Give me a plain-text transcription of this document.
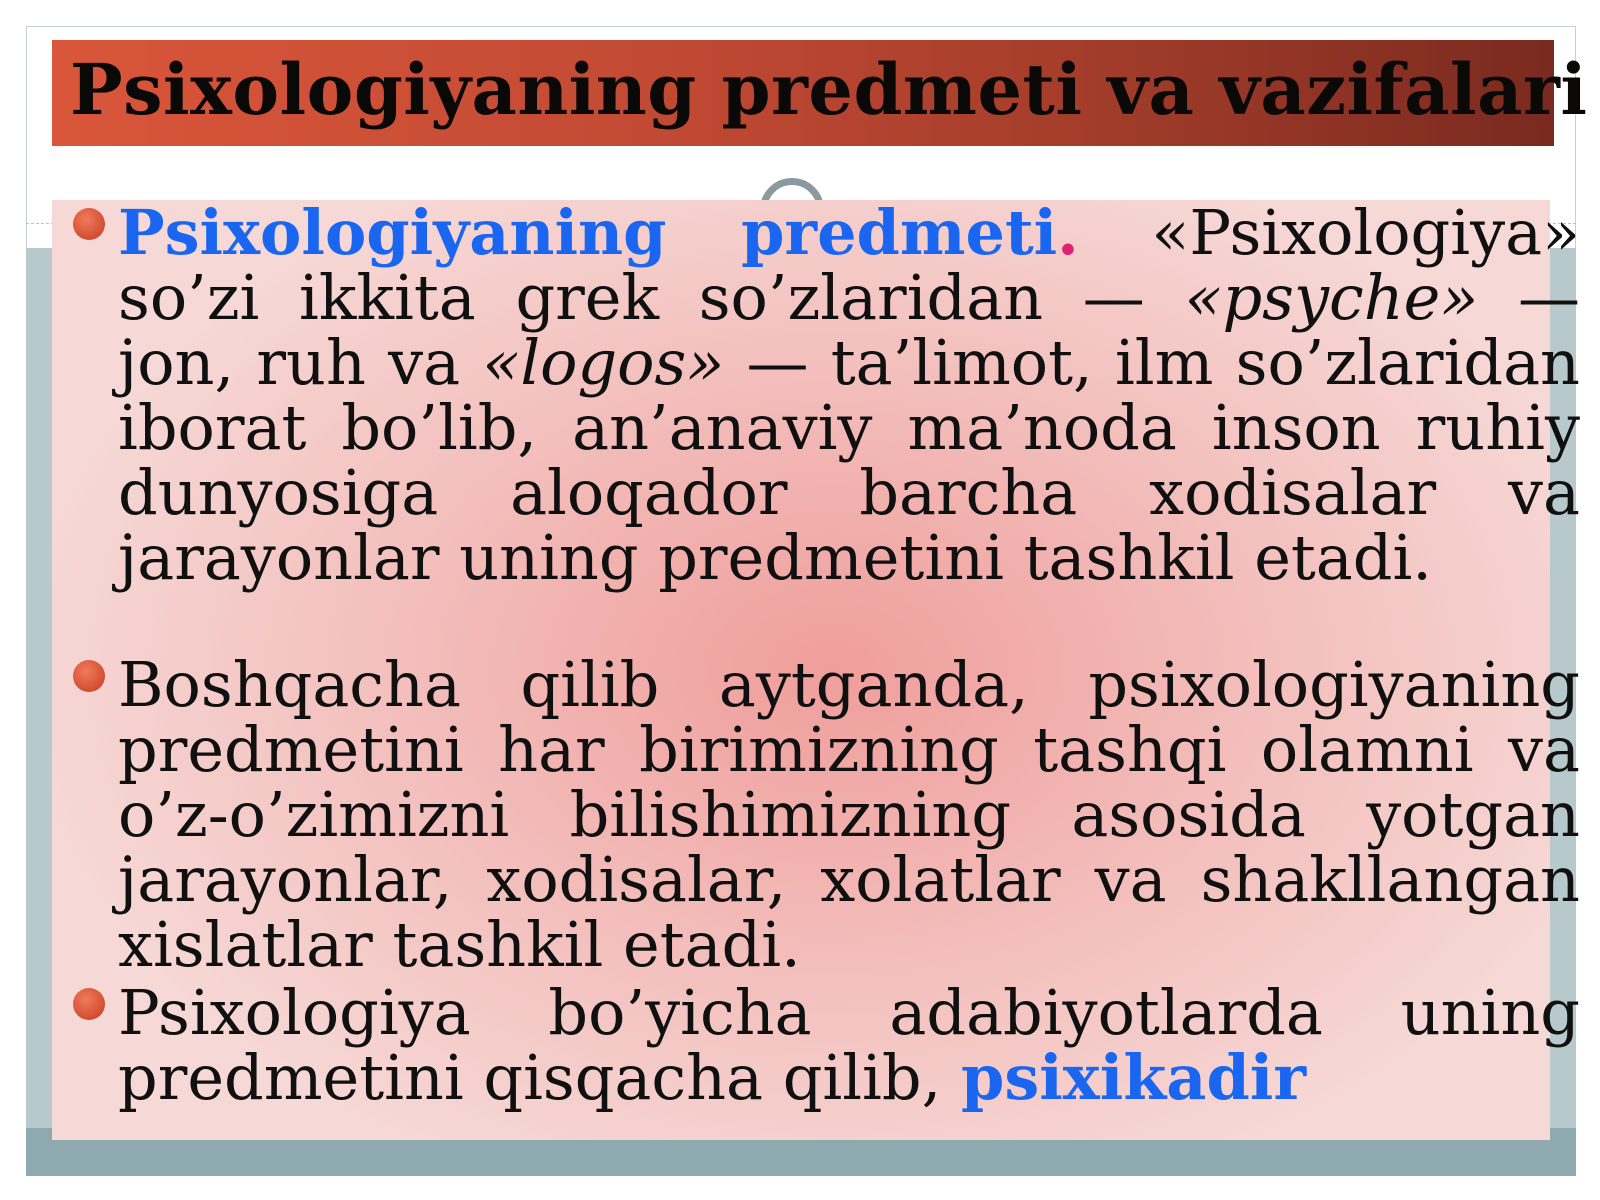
Psixologiyaning predmeti va vazifalari

Psixologiyaning predmeti. «Psixologiya» so’zi ikkita grek so’zlaridan — «psyche» — jon, ruh va «logos» — ta’limot, ilm so’zlaridan iborat bo’lib, an’anaviy ma’noda inson ruhiy dunyosiga aloqador barcha xodisalar va jarayonlar uning predmetini tashkil etadi.

Boshqacha qilib aytganda, psixologiyaning predmetini har birimizning tashqi olamni va o’z-o’zimizni bilishimizning asosida yotgan jarayonlar, xodisalar, xolatlar va shakllangan xislatlar tashkil etadi.

Psixologiya bo’yicha adabiyotlarda uning predmetini qisqacha qilib, psixikadir
